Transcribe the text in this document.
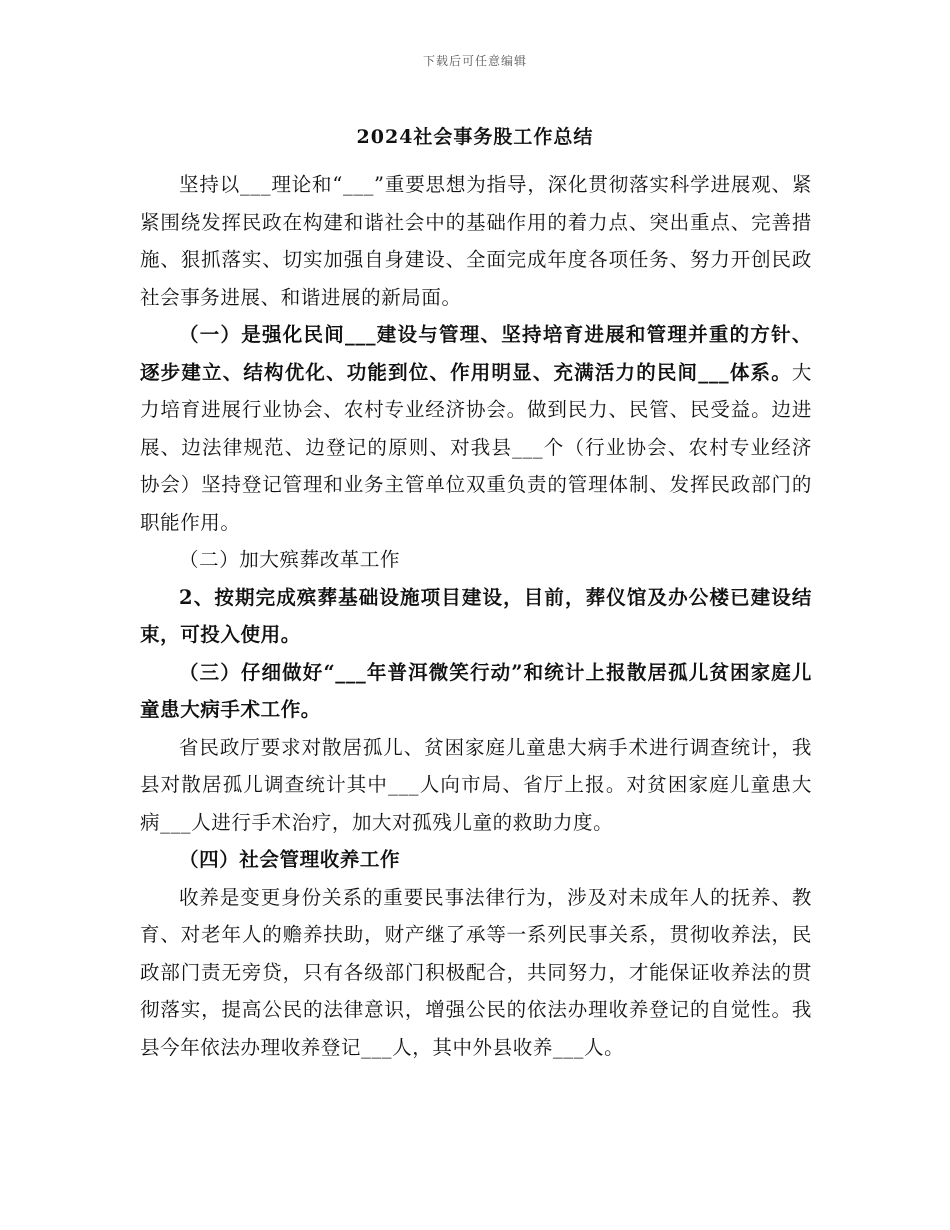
下载后可任意编辑
2024社会事务股工作总结

坚持以___理论和“___”重要思想为指导，深化贯彻落实科学进展观、紧紧围绕发挥民政在构建和谐社会中的基础作用的着力点、突出重点、完善措施、狠抓落实、切实加强自身建设、全面完成年度各项任务、努力开创民政社会事务进展、和谐进展的新局面。

（一）是强化民间___建设与管理、坚持培育进展和管理并重的方针、逐步建立、结构优化、功能到位、作用明显、充满活力的民间___体系。大力培育进展行业协会、农村专业经济协会。做到民力、民管、民受益。边进展、边法律规范、边登记的原则、对我县___个（行业协会、农村专业经济协会）坚持登记管理和业务主管单位双重负责的管理体制、发挥民政部门的职能作用。

（二）加大殡葬改革工作

2、按期完成殡葬基础设施项目建设，目前，葬仪馆及办公楼已建设结束，可投入使用。

（三）仔细做好“___年普洱微笑行动”和统计上报散居孤儿贫困家庭儿童患大病手术工作。

省民政厅要求对散居孤儿、贫困家庭儿童患大病手术进行调查统计，我县对散居孤儿调查统计其中___人向市局、省厅上报。对贫困家庭儿童患大病___人进行手术治疗，加大对孤残儿童的救助力度。

（四）社会管理收养工作

收养是变更身份关系的重要民事法律行为，涉及对未成年人的抚养、教育、对老年人的赡养扶助，财产继了承等一系列民事关系，贯彻收养法，民政部门责无旁贷，只有各级部门积极配合，共同努力，才能保证收养法的贯彻落实，提高公民的法律意识，增强公民的依法办理收养登记的自觉性。我县今年依法办理收养登记___人，其中外县收养___人。
